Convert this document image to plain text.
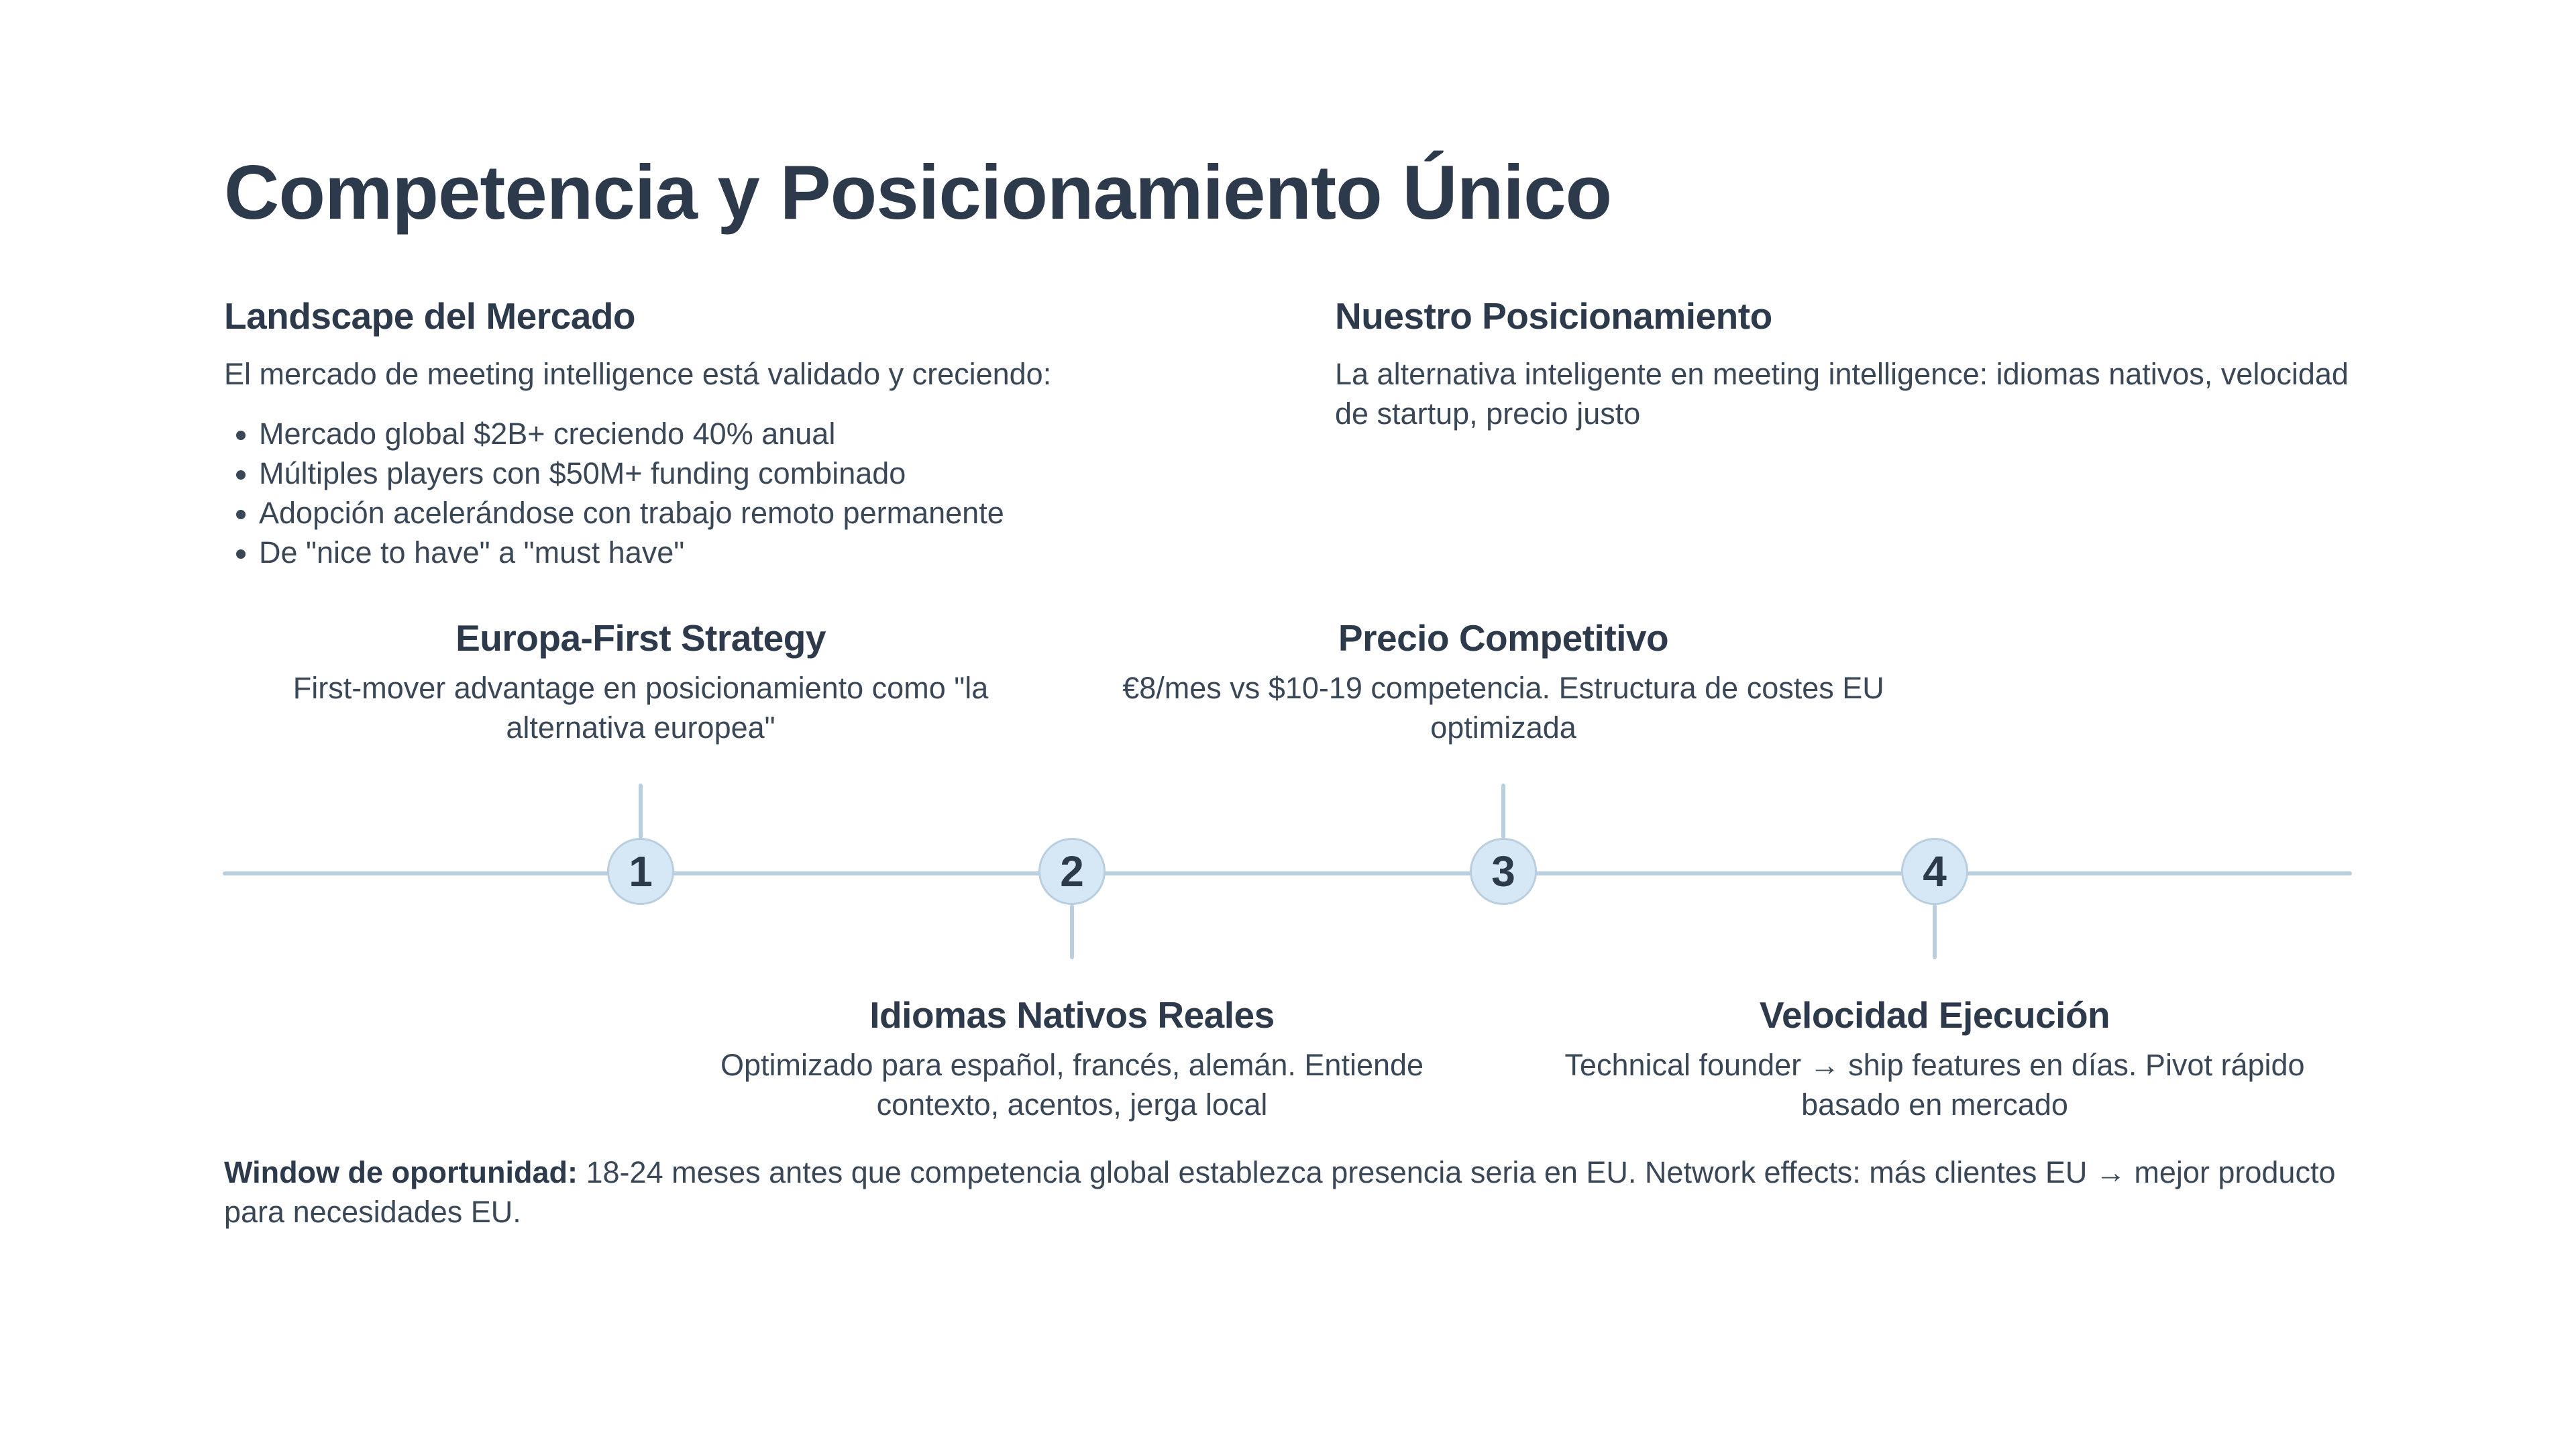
Competencia y Posicionamiento Único
Landscape del Mercado

El mercado de meeting intelligence está validado y creciendo:

• Mercado global $2B+ creciendo 40% anual
• Múltiples players con $50M+ funding combinado
• Adopción acelerándose con trabajo remoto permanente
• De "nice to have" a "must have"
Nuestro Posicionamiento

La alternativa inteligente en meeting intelligence: idiomas nativos, velocidad de startup, precio justo

Europa-First Strategy

First-mover advantage en posicionamiento como "la alternativa europea"

Idiomas Nativos Reales

Optimizado para español, francés, alemán. Entiende contexto, acentos, jerga local

Precio Competitivo

€8/mes vs $10-19 competencia. Estructura de costes EU optimizada

Velocidad Ejecución

Technical founder → ship features en días. Pivot rápido basado en mercado

1	2	3	4

Window de oportunidad: 18-24 meses antes que competencia global establezca presencia seria en EU. Network effects: más clientes EU → mejor producto para necesidades EU.
